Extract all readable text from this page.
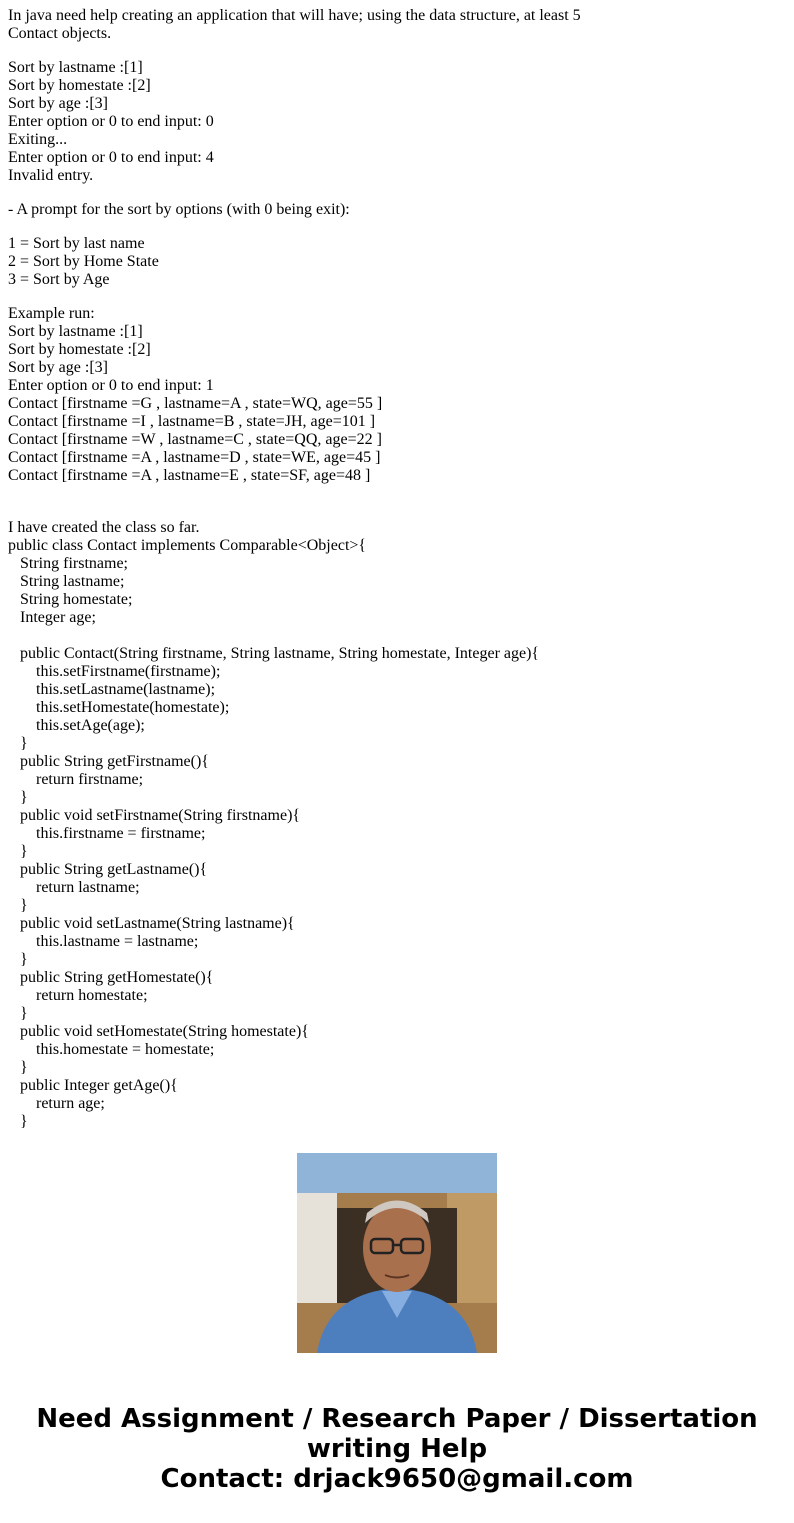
In java need help creating an application that will have; using the data structure, at least 5
Contact objects.
Sort by lastname :[1]
Sort by homestate :[2]
Sort by age :[3]
Enter option or 0 to end input: 0
Exiting...
Enter option or 0 to end input: 4
Invalid entry.
- A prompt for the sort by options (with 0 being exit):
1 = Sort by last name
2 = Sort by Home State
3 = Sort by Age
Example run:
Sort by lastname :[1]
Sort by homestate :[2]
Sort by age :[3]
Enter option or 0 to end input: 1
Contact [firstname =G , lastname=A , state=WQ, age=55 ]
Contact [firstname =I , lastname=B , state=JH, age=101 ]
Contact [firstname =W , lastname=C , state=QQ, age=22 ]
Contact [firstname =A , lastname=D , state=WE, age=45 ]
Contact [firstname =A , lastname=E , state=SF, age=48 ]
I have created the class so far.
public class Contact implements Comparable<Object>{
String firstname;
String lastname;
String homestate;
Integer age;
public Contact(String firstname, String lastname, String homestate, Integer age){
this.setFirstname(firstname);
this.setLastname(lastname);
this.setHomestate(homestate);
this.setAge(age);
}
public String getFirstname(){
return firstname;
}
public void setFirstname(String firstname){
this.firstname = firstname;
}
public String getLastname(){
return lastname;
}
public void setLastname(String lastname){
this.lastname = lastname;
}
public String getHomestate(){
return homestate;
}
public void setHomestate(String homestate){
this.homestate = homestate;
}
public Integer getAge(){
return age;
}
Need Assignment / Research Paper / Dissertation
writing Help
Contact: drjack9650@gmail.com
